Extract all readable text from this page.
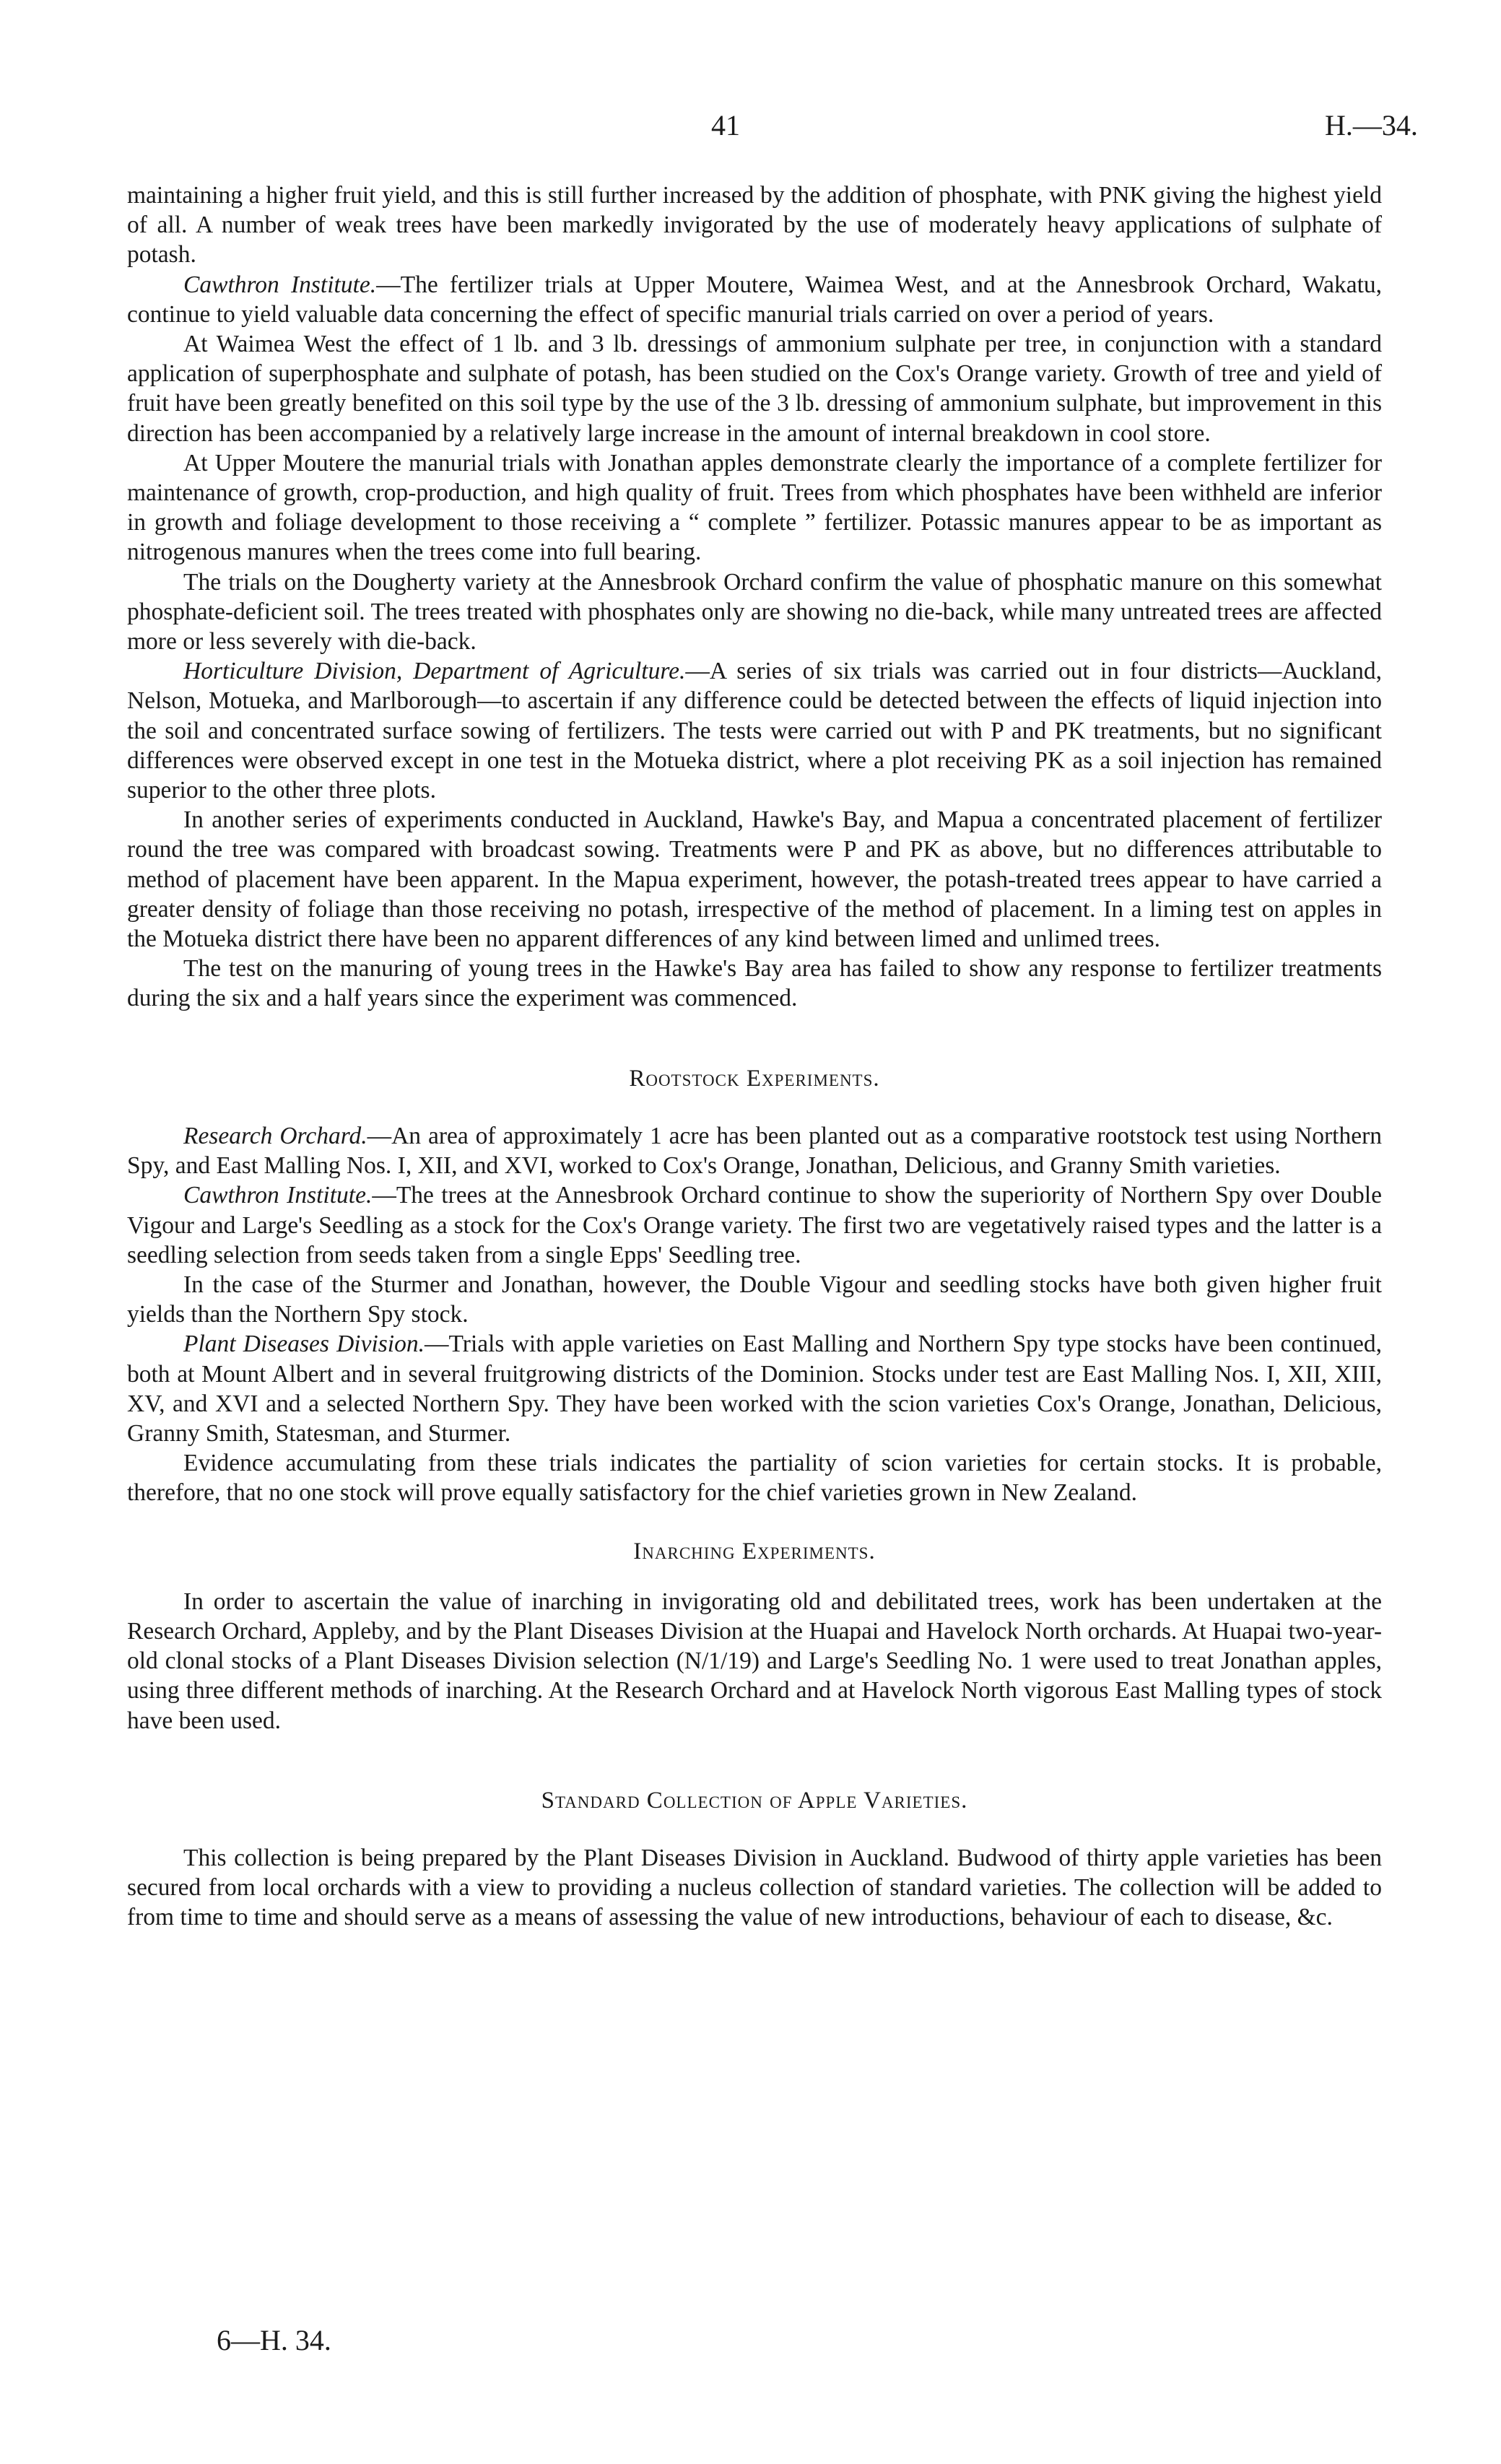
41	H.—34.

maintaining a higher fruit yield, and this is still further increased by the addition of phosphate, with PNK giving the highest yield of all. A number of weak trees have been markedly invigorated by the use of moderately heavy applications of sulphate of potash.

Cawthron Institute.—The fertilizer trials at Upper Moutere, Waimea West, and at the Annesbrook Orchard, Wakatu, continue to yield valuable data concerning the effect of specific manurial trials carried on over a period of years.

At Waimea West the effect of 1 lb. and 3 lb. dressings of ammonium sulphate per tree, in conjunction with a standard application of superphosphate and sulphate of potash, has been studied on the Cox's Orange variety. Growth of tree and yield of fruit have been greatly benefited on this soil type by the use of the 3 lb. dressing of ammonium sulphate, but improvement in this direction has been accompanied by a relatively large increase in the amount of internal breakdown in cool store.

At Upper Moutere the manurial trials with Jonathan apples demonstrate clearly the importance of a complete fertilizer for maintenance of growth, crop-production, and high quality of fruit. Trees from which phosphates have been withheld are inferior in growth and foliage development to those receiving a “ complete ” fertilizer. Potassic manures appear to be as important as nitrogenous manures when the trees come into full bearing.

The trials on the Dougherty variety at the Annesbrook Orchard confirm the value of phosphatic manure on this somewhat phosphate-deficient soil. The trees treated with phosphates only are showing no die-back, while many untreated trees are affected more or less severely with die-back.

Horticulture Division, Department of Agriculture.—A series of six trials was carried out in four districts—Auckland, Nelson, Motueka, and Marlborough—to ascertain if any difference could be detected between the effects of liquid injection into the soil and concentrated surface sowing of fertilizers. The tests were carried out with P and PK treatments, but no significant differences were observed except in one test in the Motueka district, where a plot receiving PK as a soil injection has remained superior to the other three plots.

In another series of experiments conducted in Auckland, Hawke's Bay, and Mapua a concentrated placement of fertilizer round the tree was compared with broadcast sowing. Treatments were P and PK as above, but no differences attributable to method of placement have been apparent. In the Mapua experiment, however, the potash-treated trees appear to have carried a greater density of foliage than those receiving no potash, irrespective of the method of placement. In a liming test on apples in the Motueka district there have been no apparent differences of any kind between limed and unlimed trees.

The test on the manuring of young trees in the Hawke's Bay area has failed to show any response to fertilizer treatments during the six and a half years since the experiment was commenced.

Rootstock Experiments.

Research Orchard.—An area of approximately 1 acre has been planted out as a comparative rootstock test using Northern Spy, and East Malling Nos. I, XII, and XVI, worked to Cox's Orange, Jonathan, Delicious, and Granny Smith varieties.

Cawthron Institute.—The trees at the Annesbrook Orchard continue to show the superiority of Northern Spy over Double Vigour and Large's Seedling as a stock for the Cox's Orange variety. The first two are vegetatively raised types and the latter is a seedling selection from seeds taken from a single Epps' Seedling tree.

In the case of the Sturmer and Jonathan, however, the Double Vigour and seedling stocks have both given higher fruit yields than the Northern Spy stock.

Plant Diseases Division.—Trials with apple varieties on East Malling and Northern Spy type stocks have been continued, both at Mount Albert and in several fruitgrowing districts of the Dominion. Stocks under test are East Malling Nos. I, XII, XIII, XV, and XVI and a selected Northern Spy. They have been worked with the scion varieties Cox's Orange, Jonathan, Delicious, Granny Smith, Statesman, and Sturmer.

Evidence accumulating from these trials indicates the partiality of scion varieties for certain stocks. It is probable, therefore, that no one stock will prove equally satisfactory for the chief varieties grown in New Zealand.

Inarching Experiments.

In order to ascertain the value of inarching in invigorating old and debilitated trees, work has been undertaken at the Research Orchard, Appleby, and by the Plant Diseases Division at the Huapai and Havelock North orchards. At Huapai two-year-old clonal stocks of a Plant Diseases Division selection (N/1/19) and Large's Seedling No. 1 were used to treat Jonathan apples, using three different methods of inarching. At the Research Orchard and at Havelock North vigorous East Malling types of stock have been used.

Standard Collection of Apple Varieties.

This collection is being prepared by the Plant Diseases Division in Auckland. Budwood of thirty apple varieties has been secured from local orchards with a view to providing a nucleus collection of standard varieties. The collection will be added to from time to time and should serve as a means of assessing the value of new introductions, behaviour of each to disease, &c.

6—H. 34.
